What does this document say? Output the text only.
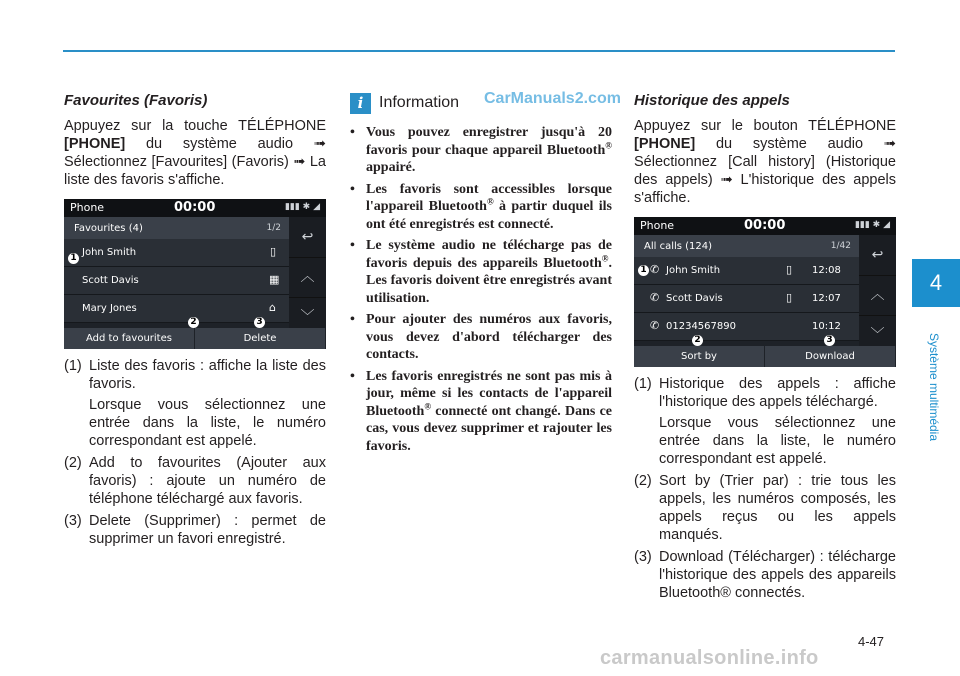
Favourites (Favoris)

Appuyez sur la touche TÉLÉPHONE [PHONE] du système audio ➟ Sélectionnez [Favourites] (Favoris) ➟ La liste des favoris s'affiche.

Phone	00:00	▮▮▮ ✱ ◢
Favourites (4)	1/2
John Smith	▯
Scott Davis	▦
Mary Jones	⌂
↩
︿
﹀
Add to favourites	Delete
1
2	3
(1) Liste des favoris : affiche la liste des favoris.
Lorsque vous sélectionnez une entrée dans la liste, le numéro correspondant est appelé.
(2) Add to favourites (Ajouter aux favoris) : ajoute un numéro de téléphone téléchargé aux favoris.
(3) Delete (Supprimer) : permet de supprimer un favori enregistré.
i Information CarManuals2.com
• Vous pouvez enregistrer jusqu'à 20 favoris pour chaque appareil Bluetooth® appairé.
• Les favoris sont accessibles lorsque l'appareil Bluetooth® à partir duquel ils ont été enregistrés est connecté.
• Le système audio ne télécharge pas de favoris depuis des appareils Bluetooth®. Les favoris doivent être enregistrés avant utilisation.
• Pour ajouter des numéros aux favoris, vous devez d'abord télécharger des contacts.
• Les favoris enregistrés ne sont pas mis à jour, même si les contacts de l'appareil Bluetooth® connecté ont changé. Dans ce cas, vous devez supprimer et rajouter les favoris.
Historique des appels

Appuyez sur le bouton TÉLÉPHONE [PHONE] du système audio ➟ Sélectionnez [Call history] (Historique des appels) ➟ L'historique des appels s'affiche.

Phone	00:00	▮▮▮ ✱ ◢
All calls (124)	1/42
✆ John Smith	▯ 12:08
✆ Scott Davis	▯ 12:07
✆ 01234567890	10:12
↩
︿
﹀
Sort by	Download
1
2	3
(1) Historique des appels : affiche l'historique des appels téléchargé.
Lorsque vous sélectionnez une entrée dans la liste, le numéro correspondant est appelé.
(2) Sort by (Trier par) : trie tous les appels, les numéros composés, les appels reçus ou les appels manqués.
(3) Download (Télécharger) : télécharge l'historique des appels des appareils Bluetooth® connectés.
4
Système multimédia
4-47
carmanualsonline.info
